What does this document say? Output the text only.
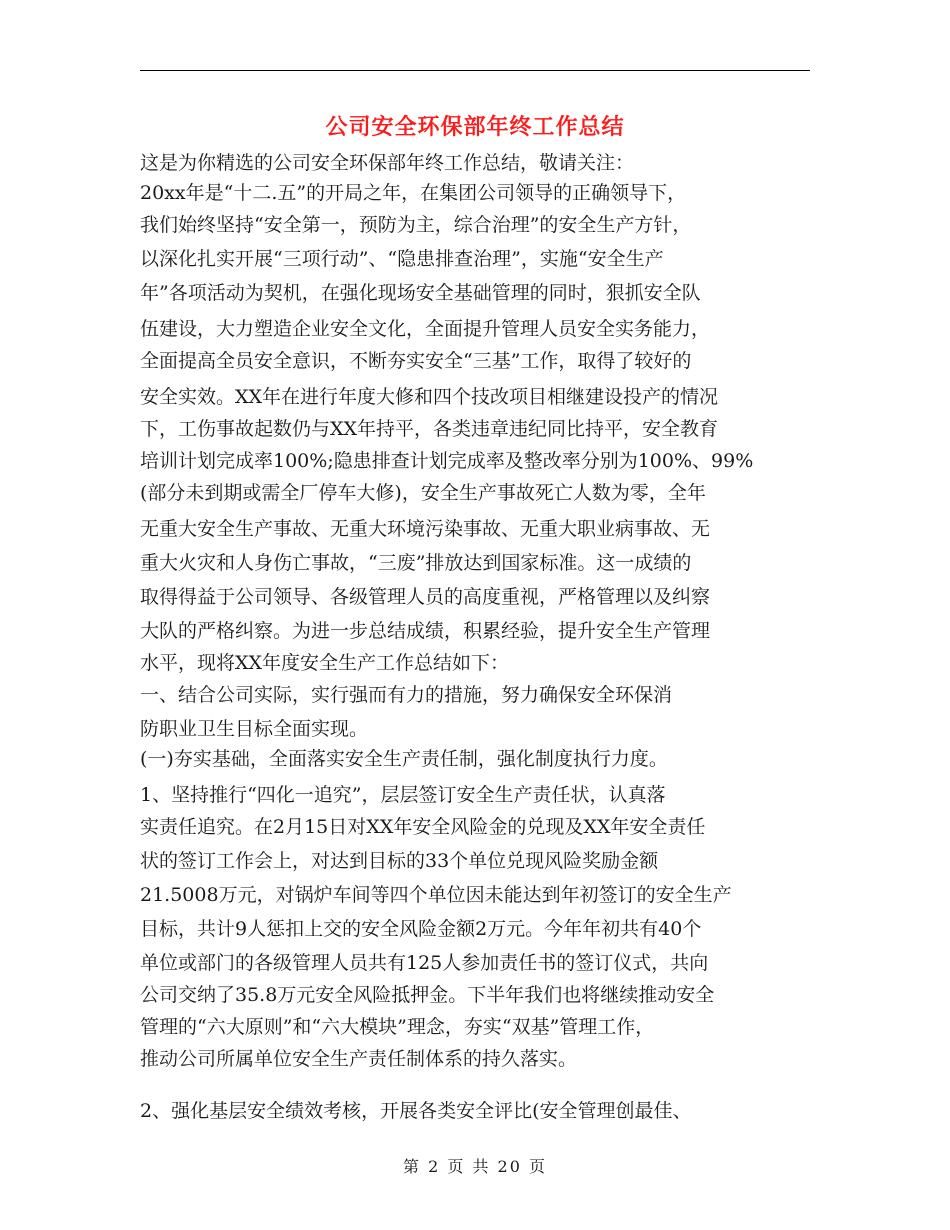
公司安全环保部年终工作总结
这是为你精选的公司安全环保部年终工作总结，敬请关注：
20xx年是“十二.五”的开局之年，在集团公司领导的正确领导下，
我们始终坚持“安全第一，预防为主，综合治理”的安全生产方针，
以深化扎实开展“三项行动”、“隐患排查治理”，实施“安全生产
年”各项活动为契机，在强化现场安全基础管理的同时，狠抓安全队
伍建设，大力塑造企业安全文化，全面提升管理人员安全实务能力，
全面提高全员安全意识，不断夯实安全“三基”工作，取得了较好的
安全实效。XX年在进行年度大修和四个技改项目相继建设投产的情况
下，工伤事故起数仍与XX年持平，各类违章违纪同比持平，安全教育
培训计划完成率100%;隐患排查计划完成率及整改率分别为100%、99%
(部分未到期或需全厂停车大修)，安全生产事故死亡人数为零，全年
无重大安全生产事故、无重大环境污染事故、无重大职业病事故、无
重大火灾和人身伤亡事故，“三废”排放达到国家标准。这一成绩的
取得得益于公司领导、各级管理人员的高度重视，严格管理以及纠察
大队的严格纠察。为进一步总结成绩，积累经验，提升安全生产管理
水平，现将XX年度安全生产工作总结如下：
一、结合公司实际，实行强而有力的措施，努力确保安全环保消
防职业卫生目标全面实现。
(一)夯实基础，全面落实安全生产责任制，强化制度执行力度。
1、坚持推行“四化一追究”，层层签订安全生产责任状，认真落
实责任追究。在2月15日对XX年安全风险金的兑现及XX年安全责任
状的签订工作会上，对达到目标的33个单位兑现风险奖励金额
21.5008万元，对锅炉车间等四个单位因未能达到年初签订的安全生产
目标，共计9人惩扣上交的安全风险金额2万元。今年年初共有40个
单位或部门的各级管理人员共有125人参加责任书的签订仪式，共向
公司交纳了35.8万元安全风险抵押金。下半年我们也将继续推动安全
管理的“六大原则”和“六大模块”理念，夯实“双基”管理工作，
推动公司所属单位安全生产责任制体系的持久落实。
2、强化基层安全绩效考核，开展各类安全评比(安全管理创最佳、
第 2 页 共 20 页
